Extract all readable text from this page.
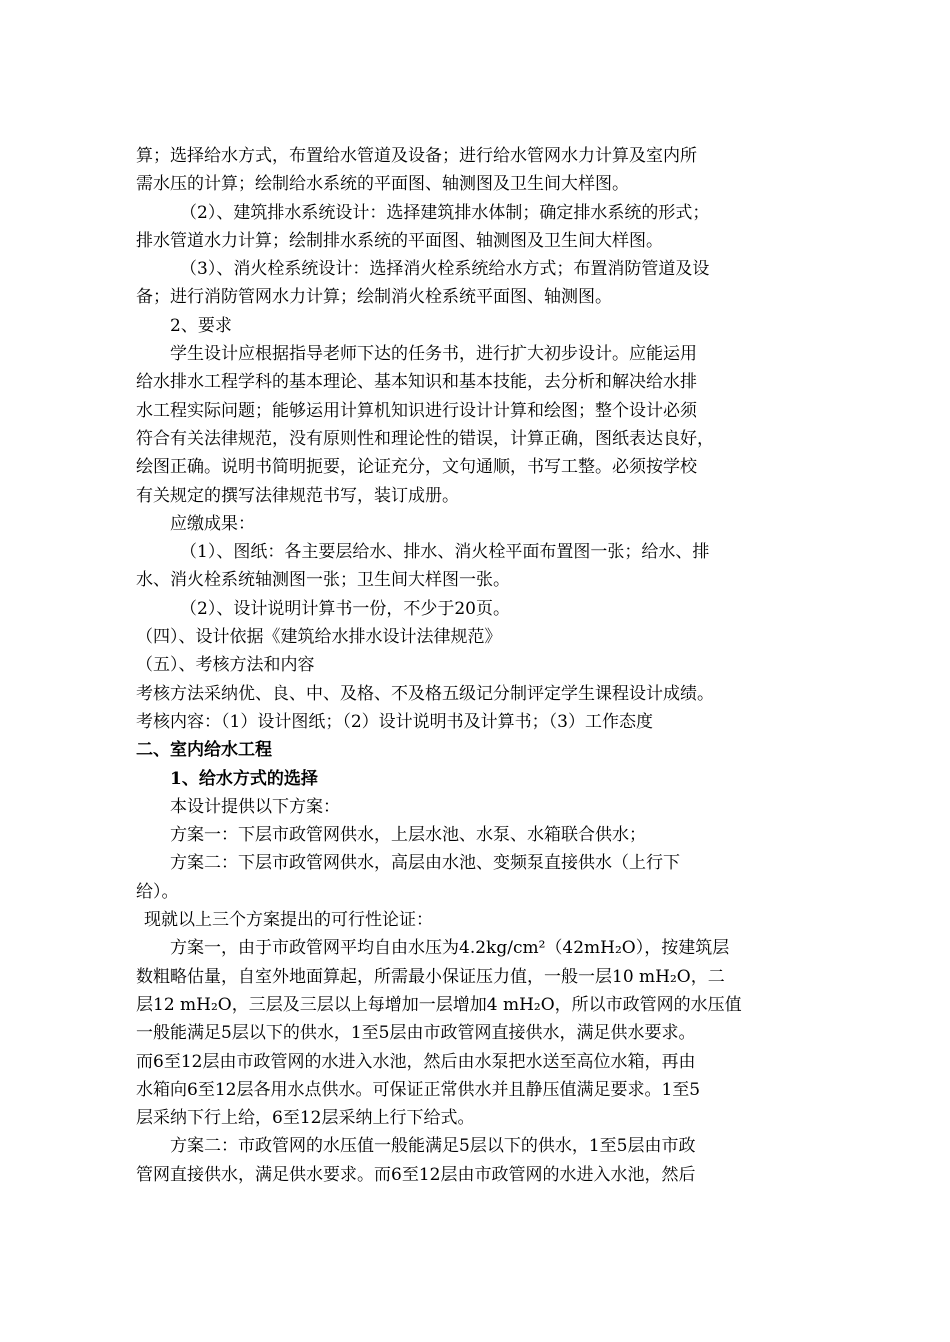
算；选择给水方式，布置给水管道及设备；进行给水管网水力计算及室内所
需水压的计算；绘制给水系统的平面图、轴测图及卫生间大样图。
（2）、建筑排水系统设计：选择建筑排水体制；确定排水系统的形式；
排水管道水力计算；绘制排水系统的平面图、轴测图及卫生间大样图。
（3）、消火栓系统设计：选择消火栓系统给水方式；布置消防管道及设
备；进行消防管网水力计算；绘制消火栓系统平面图、轴测图。
2、要求
学生设计应根据指导老师下达的任务书，进行扩大初步设计。应能运用
给水排水工程学科的基本理论、基本知识和基本技能，去分析和解决给水排
水工程实际问题；能够运用计算机知识进行设计计算和绘图；整个设计必须
符合有关法律规范，没有原则性和理论性的错误，计算正确，图纸表达良好，
绘图正确。说明书简明扼要，论证充分，文句通顺，书写工整。必须按学校
有关规定的撰写法律规范书写，装订成册。
应缴成果：
（1）、图纸：各主要层给水、排水、消火栓平面布置图一张；给水、排
水、消火栓系统轴测图一张；卫生间大样图一张。
（2）、设计说明计算书一份，不少于20页。
（四）、设计依据《建筑给水排水设计法律规范》
（五）、考核方法和内容
考核方法采纳优、良、中、及格、不及格五级记分制评定学生课程设计成绩。
考核内容：（1）设计图纸；（2）设计说明书及计算书；（3）工作态度
二、室内给水工程
1、给水方式的选择
本设计提供以下方案：
方案一：下层市政管网供水，上层水池、水泵、水箱联合供水；
方案二：下层市政管网供水，高层由水池、变频泵直接供水（上行下
给）。
现就以上三个方案提出的可行性论证：
方案一，由于市政管网平均自由水压为4.2kg/cm²（42mH₂O），按建筑层
数粗略估量，自室外地面算起，所需最小保证压力值，一般一层10 mH₂O，二
层12 mH₂O，三层及三层以上每增加一层增加4 mH₂O，所以市政管网的水压值
一般能满足5层以下的供水，1至5层由市政管网直接供水，满足供水要求。
而6至12层由市政管网的水进入水池，然后由水泵把水送至高位水箱，再由
水箱向6至12层各用水点供水。可保证正常供水并且静压值满足要求。1至5
层采纳下行上给，6至12层采纳上行下给式。
方案二：市政管网的水压值一般能满足5层以下的供水，1至5层由市政
管网直接供水，满足供水要求。而6至12层由市政管网的水进入水池，然后
